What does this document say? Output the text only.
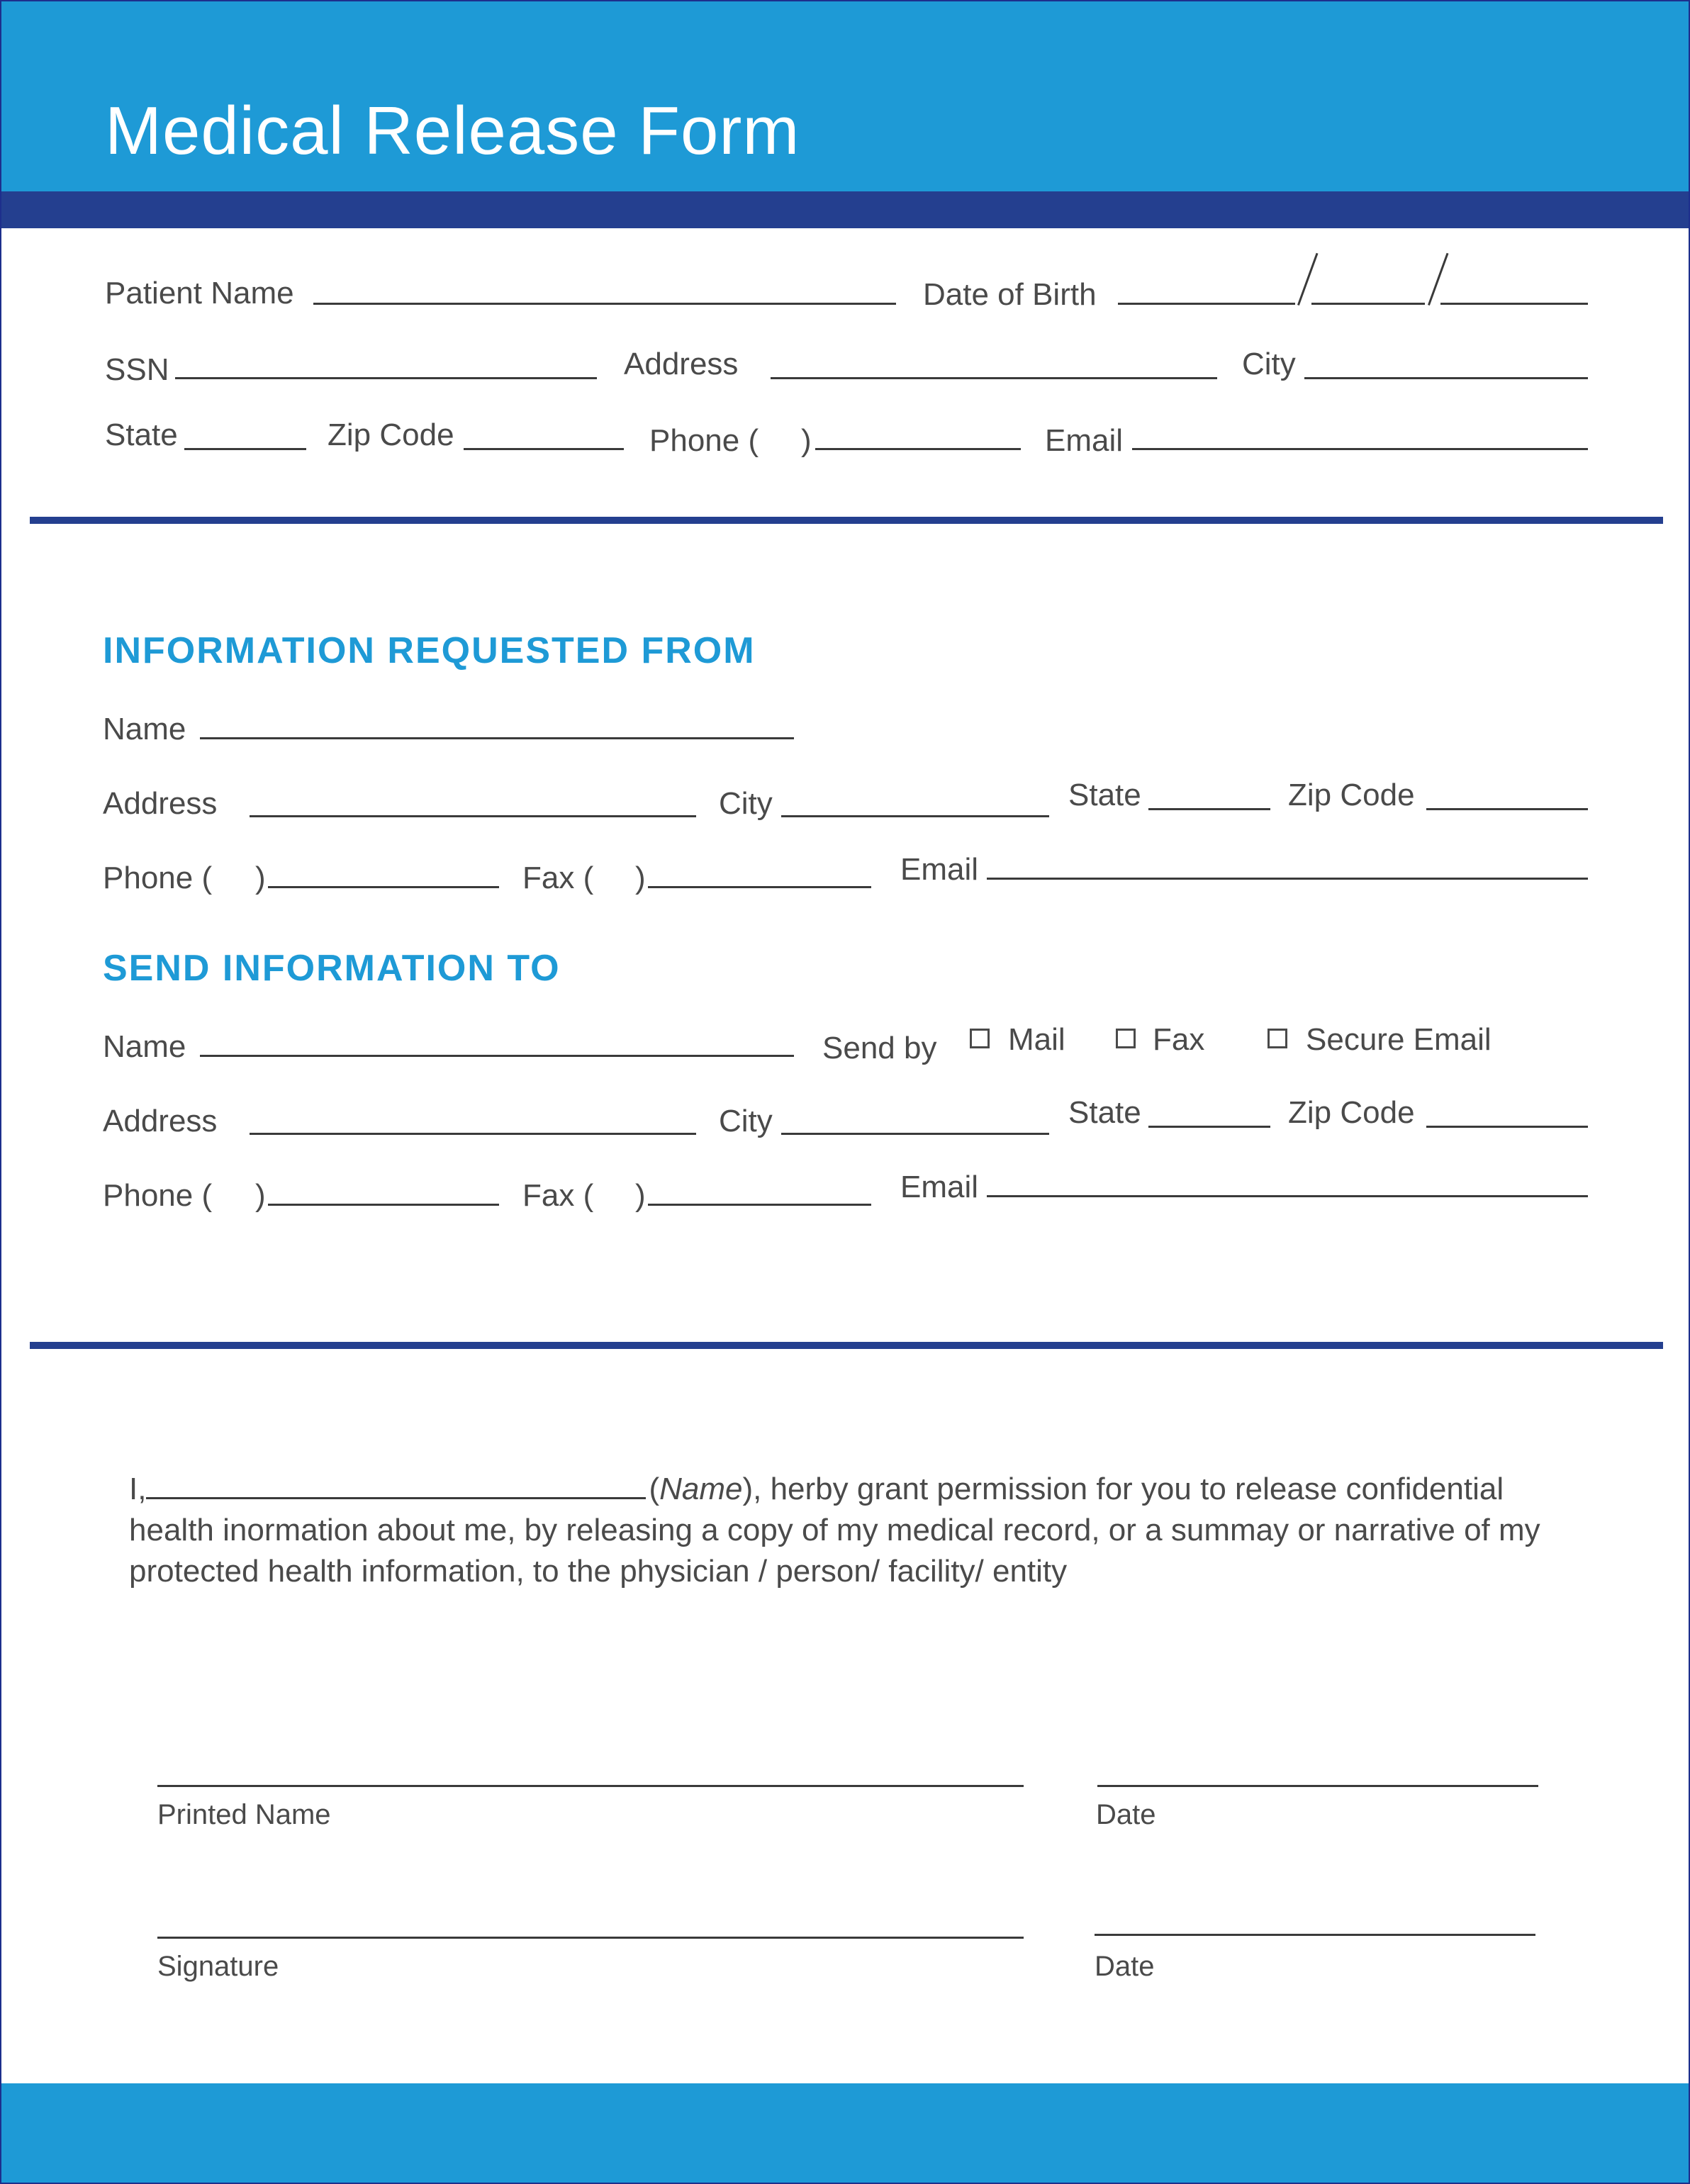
Medical Release Form
Patient Name	Date of Birth
SSN	Address	City
State	Zip Code	Phone ( )	Email
INFORMATION REQUESTED FROM
Name
Address	City	State	Zip Code
Phone ( )	Fax ( )	Email
SEND INFORMATION TO
Name	Send by Mail	Fax	Secure Email
Address	City	State	Zip Code
Phone ( )	Fax ( )	Email
I,	(Name), herby grant permission for you to release confidential health inormation about me, by releasing a copy of my medical record, or a summay or narrative of my protected health information, to the physician / person/ facility/ entity
Printed Name	Date
Signature	Date
